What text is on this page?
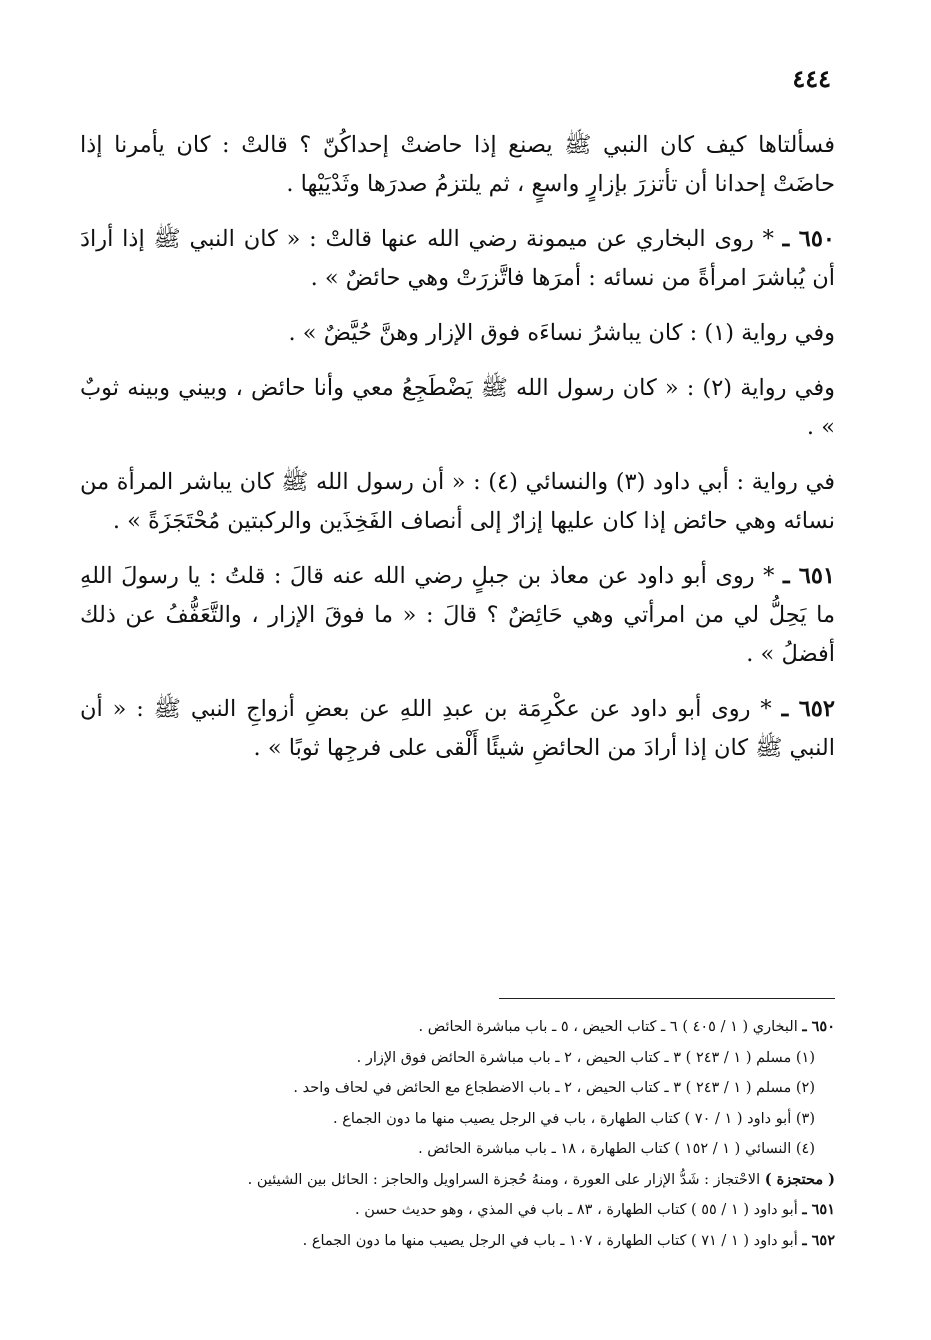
٤٤٤

فسألتاها كيف كان النبي ﷺ يصنع إذا حاضتْ إحداكُنّ ؟ قالتْ : كان يأمرنا إذا حاضَتْ إحدانا أن تأتزرَ بإزارٍ واسعٍ ، ثم يلتزمُ صدرَها وثَدْيَيْها .

٦٥٠ ـ * روى البخاري عن ميمونة رضي الله عنها قالتْ : « كان النبي ﷺ إذا أرادَ أن يُباشرَ امرأةً من نسائه : أمرَها فاتَّزرَتْ وهي حائضٌ » .

وفي رواية (١) : كان يباشرُ نساءَه فوق الإزار وهنَّ حُيَّضٌ » .

وفي رواية (٢) : « كان رسول الله ﷺ يَضْطَجِعُ معي وأنا حائض ، وبيني وبينه ثوبٌ » .

في رواية : أبي داود (٣) والنسائي (٤) : « أن رسول الله ﷺ كان يباشر المرأة من نسائه وهي حائض إذا كان عليها إزارٌ إلى أنصاف الفَخِذَين والركبتين مُحْتَجَزَةً » .

٦٥١ ـ * روى أبو داود عن معاذ بن جبلٍ رضي الله عنه قالَ : قلتُ : يا رسولَ اللهِ ما يَحِلُّ لي من امرأتي وهي حَائِضٌ ؟ قالَ : « ما فوقَ الإزار ، والتَّعَفُّفُ عن ذلك أفضلُ » .

٦٥٢ ـ * روى أبو داود عن عكْرِمَة بن عبدِ اللهِ عن بعضِ أزواجِ النبي ﷺ : « أن النبي ﷺ كان إذا أرادَ من الحائضِ شيئًا أَلْقى على فرجِها ثوبًا » .

٦٥٠ ـ البخاري ( ١ / ٤٠٥ ) ٦ ـ كتاب الحيض ، ٥ ـ باب مباشرة الحائض .

(١) مسلم ( ١ / ٢٤٣ ) ٣ ـ كتاب الحيض ، ٢ ـ باب مباشرة الحائض فوق الإزار .

(٢) مسلم ( ١ / ٢٤٣ ) ٣ ـ كتاب الحيض ، ٢ ـ باب الاضطجاع مع الحائض في لحاف واحد .

(٣) أبو داود ( ١ / ٧٠ ) كتاب الطهارة ، باب في الرجل يصيب منها ما دون الجماع .

(٤) النسائي ( ١ / ١٥٢ ) كتاب الطهارة ، ١٨ ـ باب مباشرة الحائض .

( محتجزة ) الاحْتجاز : شَدُّ الإزار على العورة ، ومنهُ حُجزة السراويل والحاجز : الحائل بين الشيئين .

٦٥١ ـ أبو داود ( ١ / ٥٥ ) كتاب الطهارة ، ٨٣ ـ باب في المذي ، وهو حديث حسن .

٦٥٢ ـ أبو داود ( ١ / ٧١ ) كتاب الطهارة ، ١٠٧ ـ باب في الرجل يصيب منها ما دون الجماع .
